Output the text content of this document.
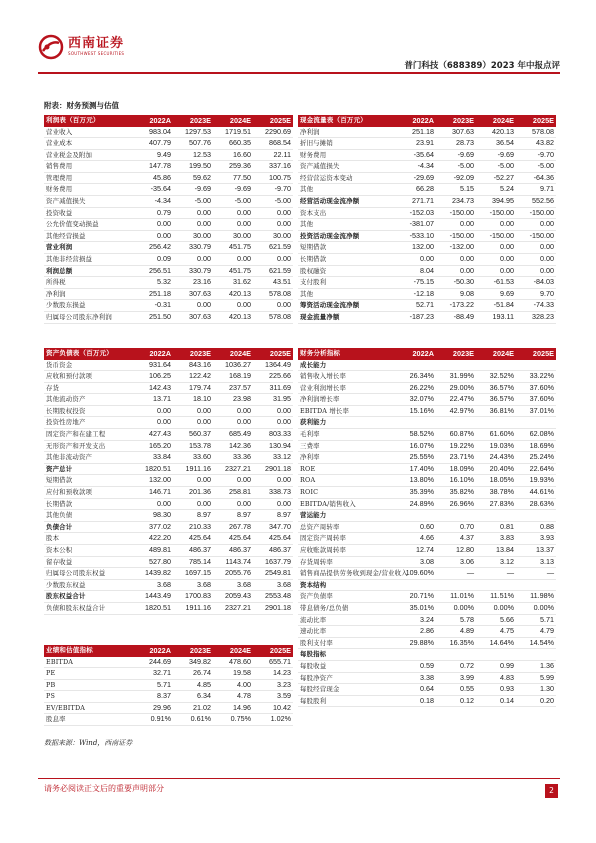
西南证券
SOUTHWEST SECURITIES
普门科技（688389）2023 年中报点评
附表：财务预测与估值
利润表（百万元）	2022A	2023E	2024E	2025E
营业收入	983.04	1297.53	1719.51	2290.69
营业成本	407.79	507.76	660.35	868.54
营业税金及附加	9.49	12.53	16.60	22.11
销售费用	147.78	199.50	259.36	337.16
管理费用	45.86	59.62	77.50	100.75
财务费用	-35.64	-9.69	-9.69	-9.70
资产减值损失	-4.34	-5.00	-5.00	-5.00
投资收益	0.79	0.00	0.00	0.00
公允价值变动损益	0.00	0.00	0.00	0.00
其他经营损益	0.00	30.00	30.00	30.00
营业利润	256.42	330.79	451.75	621.59
其他非经营损益	0.09	0.00	0.00	0.00
利润总额	256.51	330.79	451.75	621.59
所得税	5.32	23.16	31.62	43.51
净利润	251.18	307.63	420.13	578.08
少数股东损益	-0.31	0.00	0.00	0.00
归属母公司股东净利润	251.50	307.63	420.13	578.08
现金流量表（百万元）	2022A	2023E	2024E	2025E
净利润	251.18	307.63	420.13	578.08
折旧与摊销	23.91	28.73	36.54	43.82
财务费用	-35.64	-9.69	-9.69	-9.70
资产减值损失	-4.34	-5.00	-5.00	-5.00
经营营运资本变动	-29.69	-92.09	-52.27	-64.36
其他	66.28	5.15	5.24	9.71
经营活动现金流净额	271.71	234.73	394.95	552.56
资本支出	-152.03	-150.00	-150.00	-150.00
其他	-381.07	0.00	0.00	0.00
投资活动现金流净额	-533.10	-150.00	-150.00	-150.00
短期借款	132.00	-132.00	0.00	0.00
长期借款	0.00	0.00	0.00	0.00
股权融资	8.04	0.00	0.00	0.00
支付股利	-75.15	-50.30	-61.53	-84.03
其他	-12.18	9.08	9.69	9.70
筹资活动现金流净额	52.71	-173.22	-51.84	-74.33
现金流量净额	-187.23	-88.49	193.11	328.23
资产负债表（百万元）	2022A	2023E	2024E	2025E
货币资金	931.64	843.16	1036.27	1364.49
应收和预付款项	106.25	122.42	168.19	225.66
存货	142.43	179.74	237.57	311.69
其他流动资产	13.71	18.10	23.98	31.95
长期股权投资	0.00	0.00	0.00	0.00
投资性房地产	0.00	0.00	0.00	0.00
固定资产和在建工程	427.43	560.37	685.49	803.33
无形资产和开发支出	165.20	153.78	142.36	130.94
其他非流动资产	33.84	33.60	33.36	33.12
资产总计	1820.51	1911.16	2327.21	2901.18
短期借款	132.00	0.00	0.00	0.00
应付和预收款项	146.71	201.36	258.81	338.73
长期借款	0.00	0.00	0.00	0.00
其他负债	98.30	8.97	8.97	8.97
负债合计	377.02	210.33	267.78	347.70
股本	422.20	425.64	425.64	425.64
资本公积	489.81	486.37	486.37	486.37
留存收益	527.80	785.14	1143.74	1637.79
归属母公司股东权益	1439.82	1697.15	2055.76	2549.81
少数股东权益	3.68	3.68	3.68	3.68
股东权益合计	1443.49	1700.83	2059.43	2553.48
负债和股东权益合计	1820.51	1911.16	2327.21	2901.18
财务分析指标	2022A	2023E	2024E	2025E
成长能力				
销售收入增长率	26.34%	31.99%	32.52%	33.22%
营业利润增长率	26.22%	29.00%	36.57%	37.60%
净利润增长率	32.07%	22.47%	36.57%	37.60%
EBITDA 增长率	15.16%	42.97%	36.81%	37.01%
获利能力				
毛利率	58.52%	60.87%	61.60%	62.08%
三费率	16.07%	19.22%	19.03%	18.69%
净利率	25.55%	23.71%	24.43%	25.24%
ROE	17.40%	18.09%	20.40%	22.64%
ROA	13.80%	16.10%	18.05%	19.93%
ROIC	35.39%	35.82%	38.78%	44.61%
EBITDA/销售收入	24.89%	26.96%	27.83%	28.63%
营运能力				
总资产周转率	0.60	0.70	0.81	0.88
固定资产周转率	4.66	4.37	3.83	3.93
应收账款周转率	12.74	12.80	13.84	13.37
存货周转率	3.08	3.06	3.12	3.13
销售商品提供劳务收到现金/营业收入	109.60%	—	—	—
资本结构				
资产负债率	20.71%	11.01%	11.51%	11.98%
带息债务/总负债	35.01%	0.00%	0.00%	0.00%
流动比率	3.24	5.78	5.66	5.71
速动比率	2.86	4.89	4.75	4.79
股利支付率	29.88%	16.35%	14.64%	14.54%
每股指标				
每股收益	0.59	0.72	0.99	1.36
每股净资产	3.38	3.99	4.83	5.99
每股经营现金	0.64	0.55	0.93	1.30
每股股利	0.18	0.12	0.14	0.20
业绩和估值指标	2022A	2023E	2024E	2025E
EBITDA	244.69	349.82	478.60	655.71
PE	32.71	26.74	19.58	14.23
PB	5.71	4.85	4.00	3.23
PS	8.37	6.34	4.78	3.59
EV/EBITDA	29.96	21.02	14.96	10.42
股息率	0.91%	0.61%	0.75%	1.02%
数据来源：Wind，西南证券
请务必阅读正文后的重要声明部分	2
